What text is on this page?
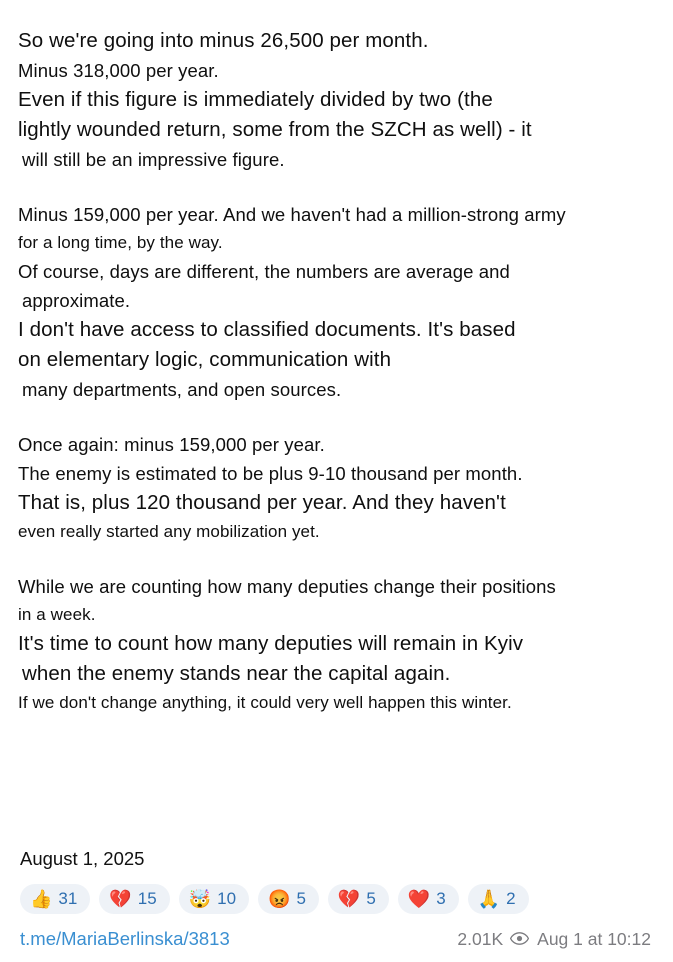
So we're going into minus 26,500 per month.
Minus 318,000 per year.
Even if this figure is immediately divided by two (the
lightly wounded return, some from the SZCH as well) - it
will still be an impressive figure.
Minus 159,000 per year. And we haven't had a million-strong army
for a long time, by the way.
Of course, days are different, the numbers are average and
approximate.
I don't have access to classified documents. It's based
on elementary logic, communication with
many departments, and open sources.
Once again: minus 159,000 per year.
The enemy is estimated to be plus 9-10 thousand per month.
That is, plus 120 thousand per year. And they haven't
even really started any mobilization yet.
While we are counting how many deputies change their positions
in a week.
It's time to count how many deputies will remain in Kyiv
when the enemy stands near the capital again.
If we don't change anything, it could very well happen this winter.
August 1, 2025
👍 31 💔 15 🤯 10 😡 5 💔 5 ❤️ 3 🙏 2
t.me/MariaBerlinska/3813	2.01K Aug 1 at 10:12
